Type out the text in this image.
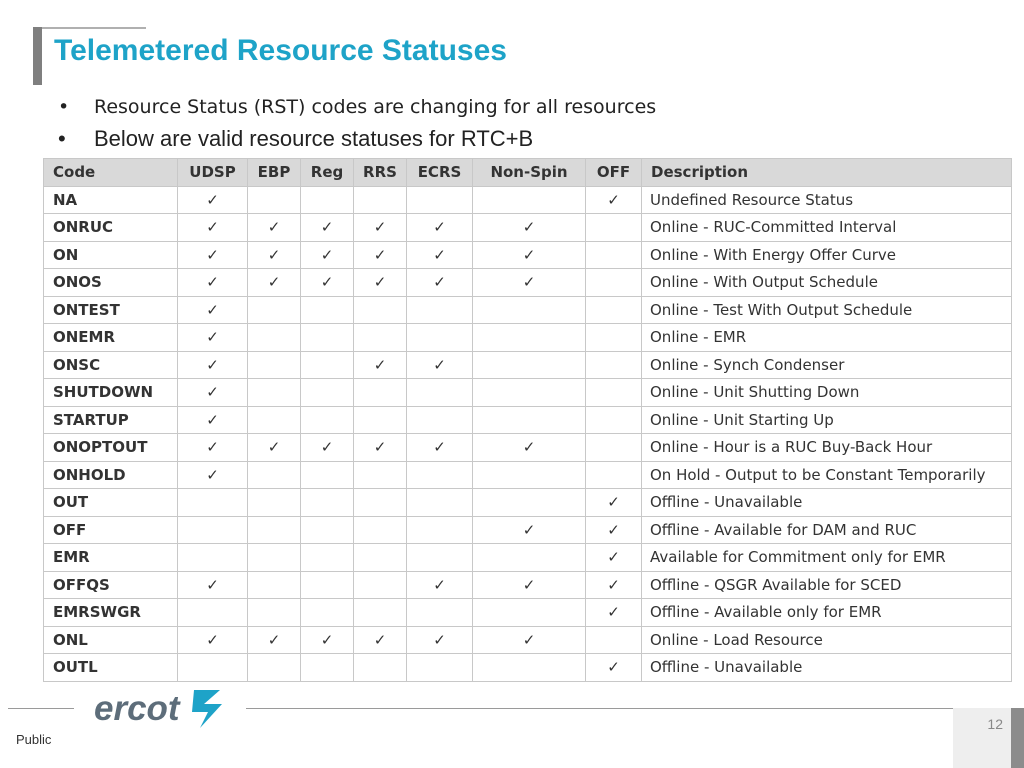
Telemetered Resource Statuses
• Resource Status (RST) codes are changing for all resources
• Below are valid resource statuses for RTC+B
Code	UDSP	EBP	Reg	RRS	ECRS	Non-Spin	OFF	Description
NA	✓						✓	Undefined Resource Status
ONRUC	✓	✓	✓	✓	✓	✓		Online - RUC-Committed Interval
ON	✓	✓	✓	✓	✓	✓		Online - With Energy Offer Curve
ONOS	✓	✓	✓	✓	✓	✓		Online - With Output Schedule
ONTEST	✓							Online - Test With Output Schedule
ONEMR	✓							Online - EMR
ONSC	✓			✓	✓			Online - Synch Condenser
SHUTDOWN	✓							Online - Unit Shutting Down
STARTUP	✓							Online - Unit Starting Up
ONOPTOUT	✓	✓	✓	✓	✓	✓		Online - Hour is a RUC Buy-Back Hour
ONHOLD	✓							On Hold - Output to be Constant Temporarily
OUT							✓	Offline - Unavailable
OFF						✓	✓	Offline - Available for DAM and RUC
EMR							✓	Available for Commitment only for EMR
OFFQS	✓				✓	✓	✓	Offline - QSGR Available for SCED
EMRSWGR							✓	Offline - Available only for EMR
ONL	✓	✓	✓	✓	✓	✓		Online - Load Resource
OUTL							✓	Offline - Unavailable
ercot
Public
12
